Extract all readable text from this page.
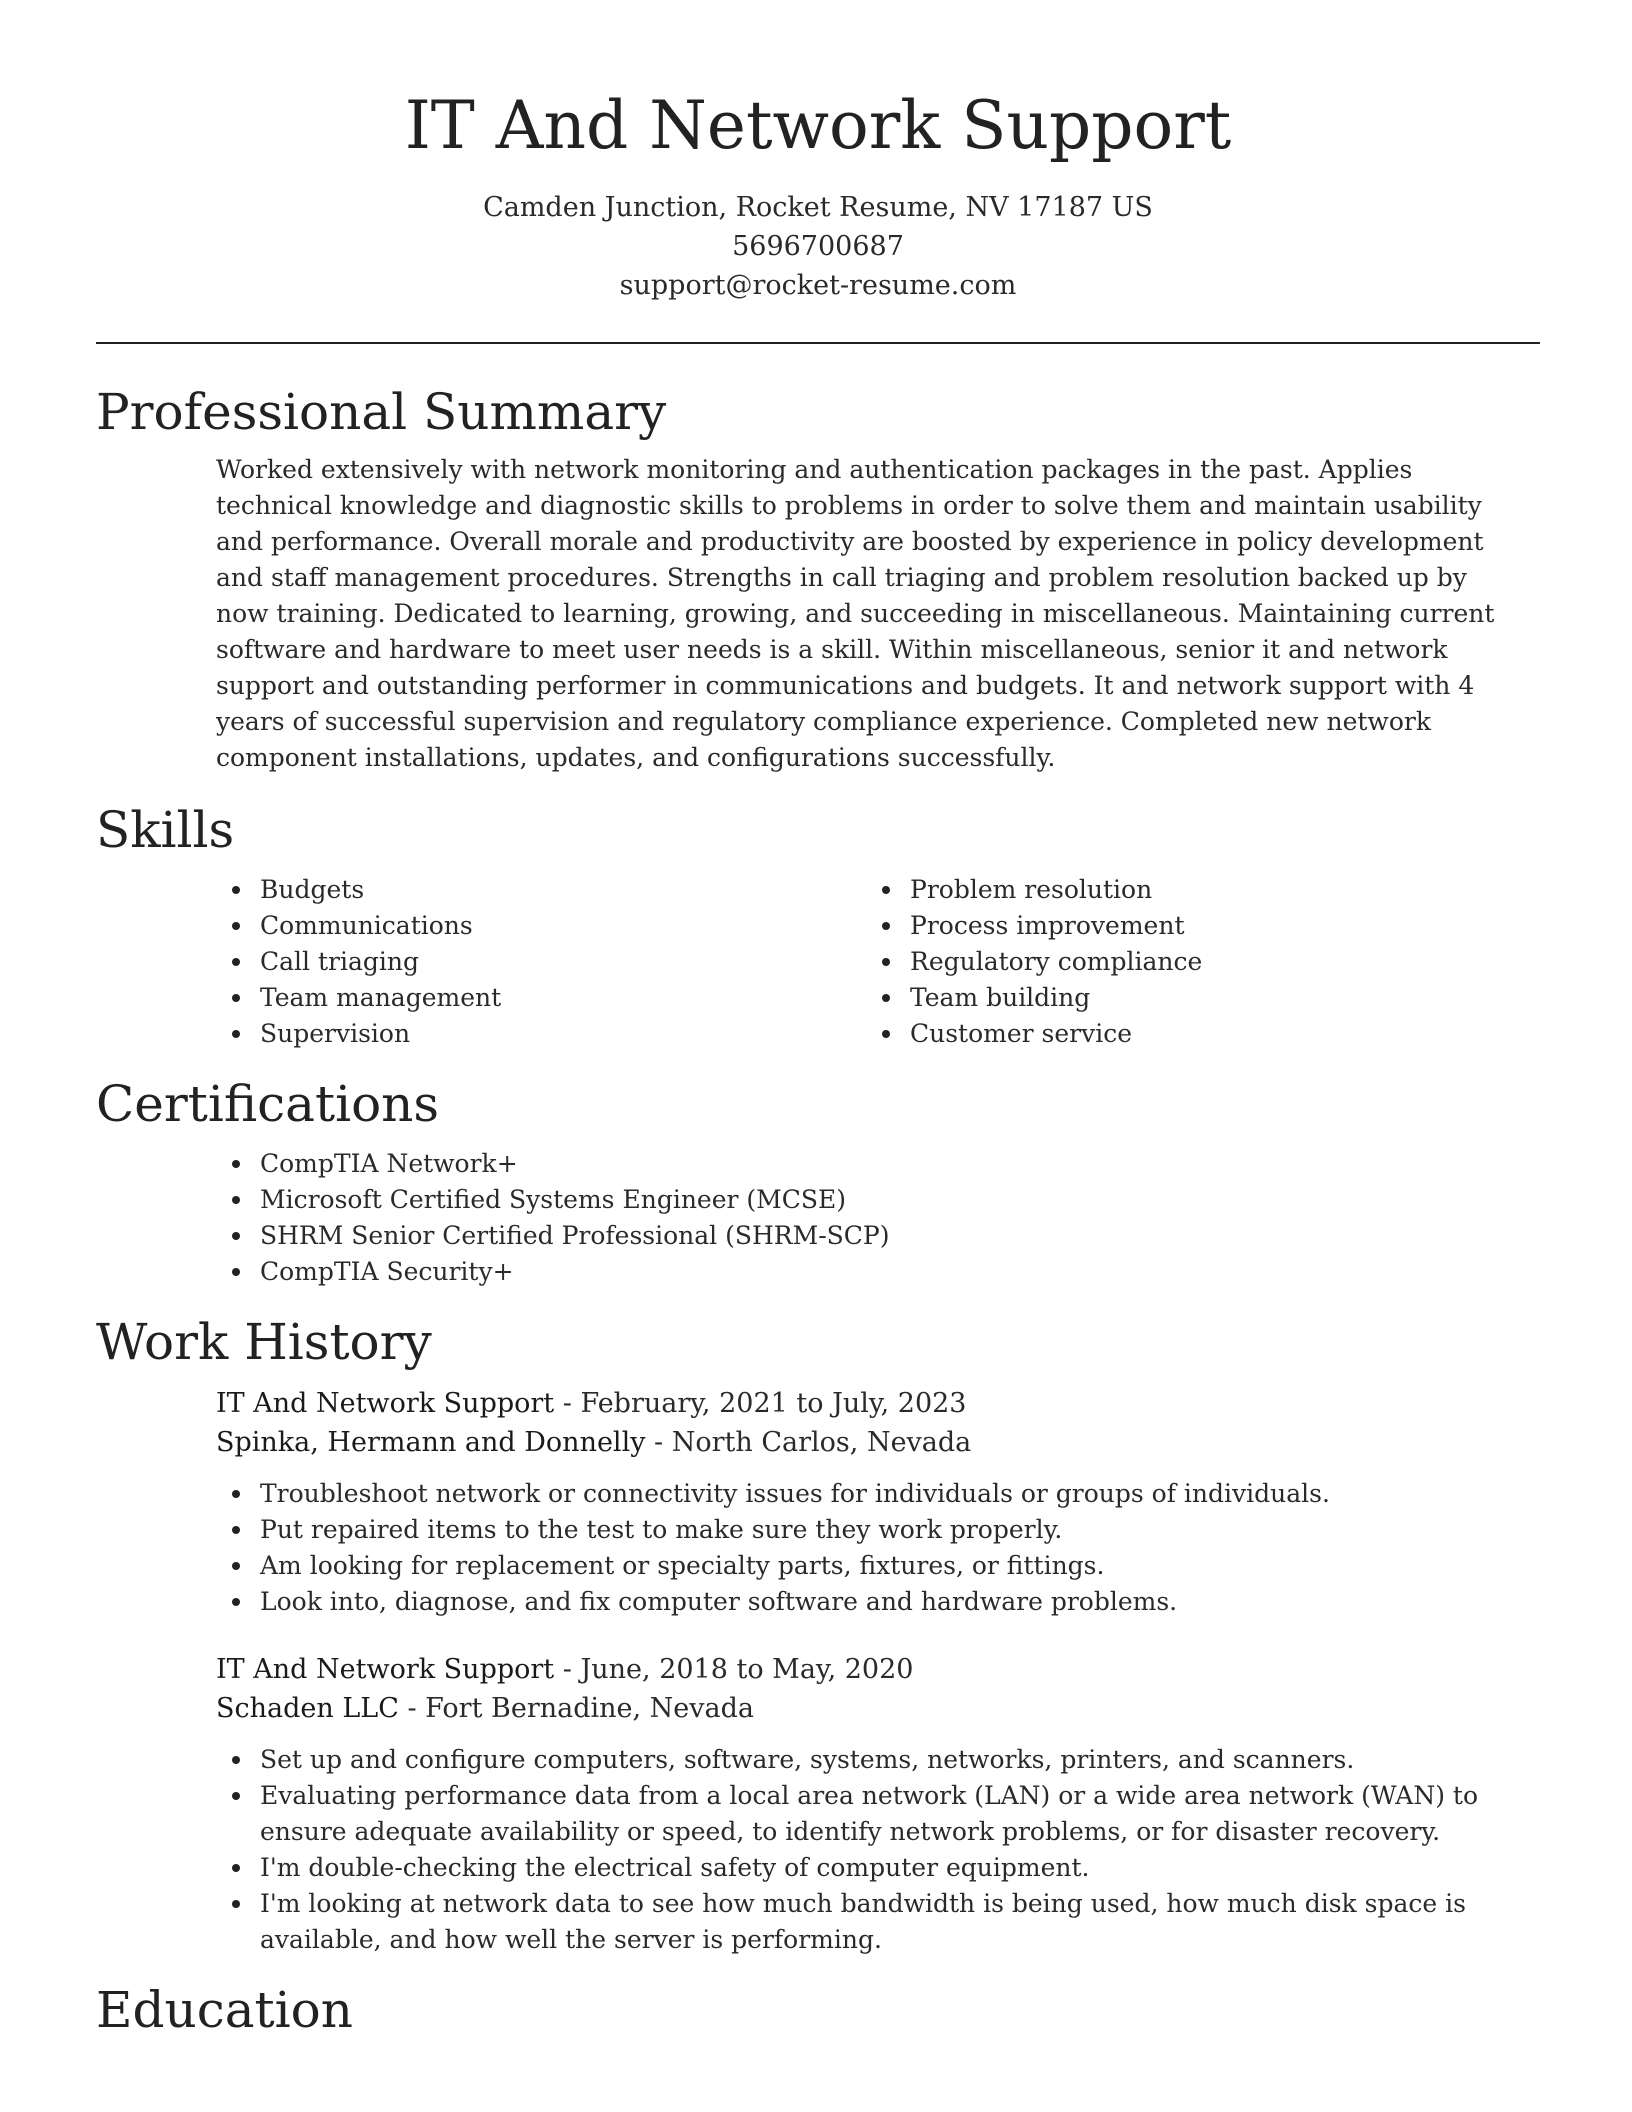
IT And Network Support
Camden Junction, Rocket Resume, NV 17187 US
5696700687
support@rocket-resume.com
Professional Summary

Worked extensively with network monitoring and authentication packages in the past. Applies technical knowledge and diagnostic skills to problems in order to solve them and maintain usability and performance. Overall morale and productivity are boosted by experience in policy development and staff management procedures. Strengths in call triaging and problem resolution backed up by now training. Dedicated to learning, growing, and succeeding in miscellaneous. Maintaining current software and hardware to meet user needs is a skill. Within miscellaneous, senior it and network support and outstanding performer in communications and budgets. It and network support with 4 years of successful supervision and regulatory compliance experience. Completed new network component installations, updates, and configurations successfully.

Skills
Budgets
Communications
Call triaging
Team management
Supervision
Problem resolution
Process improvement
Regulatory compliance
Team building
Customer service
Certifications
CompTIA Network+
Microsoft Certified Systems Engineer (MCSE)
SHRM Senior Certified Professional (SHRM-SCP)
CompTIA Security+
Work History
IT And Network Support - February, 2021 to July, 2023
Spinka, Hermann and Donnelly - North Carlos, Nevada
Troubleshoot network or connectivity issues for individuals or groups of individuals.
Put repaired items to the test to make sure they work properly.
Am looking for replacement or specialty parts, fixtures, or fittings.
Look into, diagnose, and fix computer software and hardware problems.
IT And Network Support - June, 2018 to May, 2020
Schaden LLC - Fort Bernadine, Nevada
Set up and configure computers, software, systems, networks, printers, and scanners.
Evaluating performance data from a local area network (LAN) or a wide area network (WAN) to ensure adequate availability or speed, to identify network problems, or for disaster recovery.
I'm double-checking the electrical safety of computer equipment.
I'm looking at network data to see how much bandwidth is being used, how much disk space is available, and how well the server is performing.
Education
